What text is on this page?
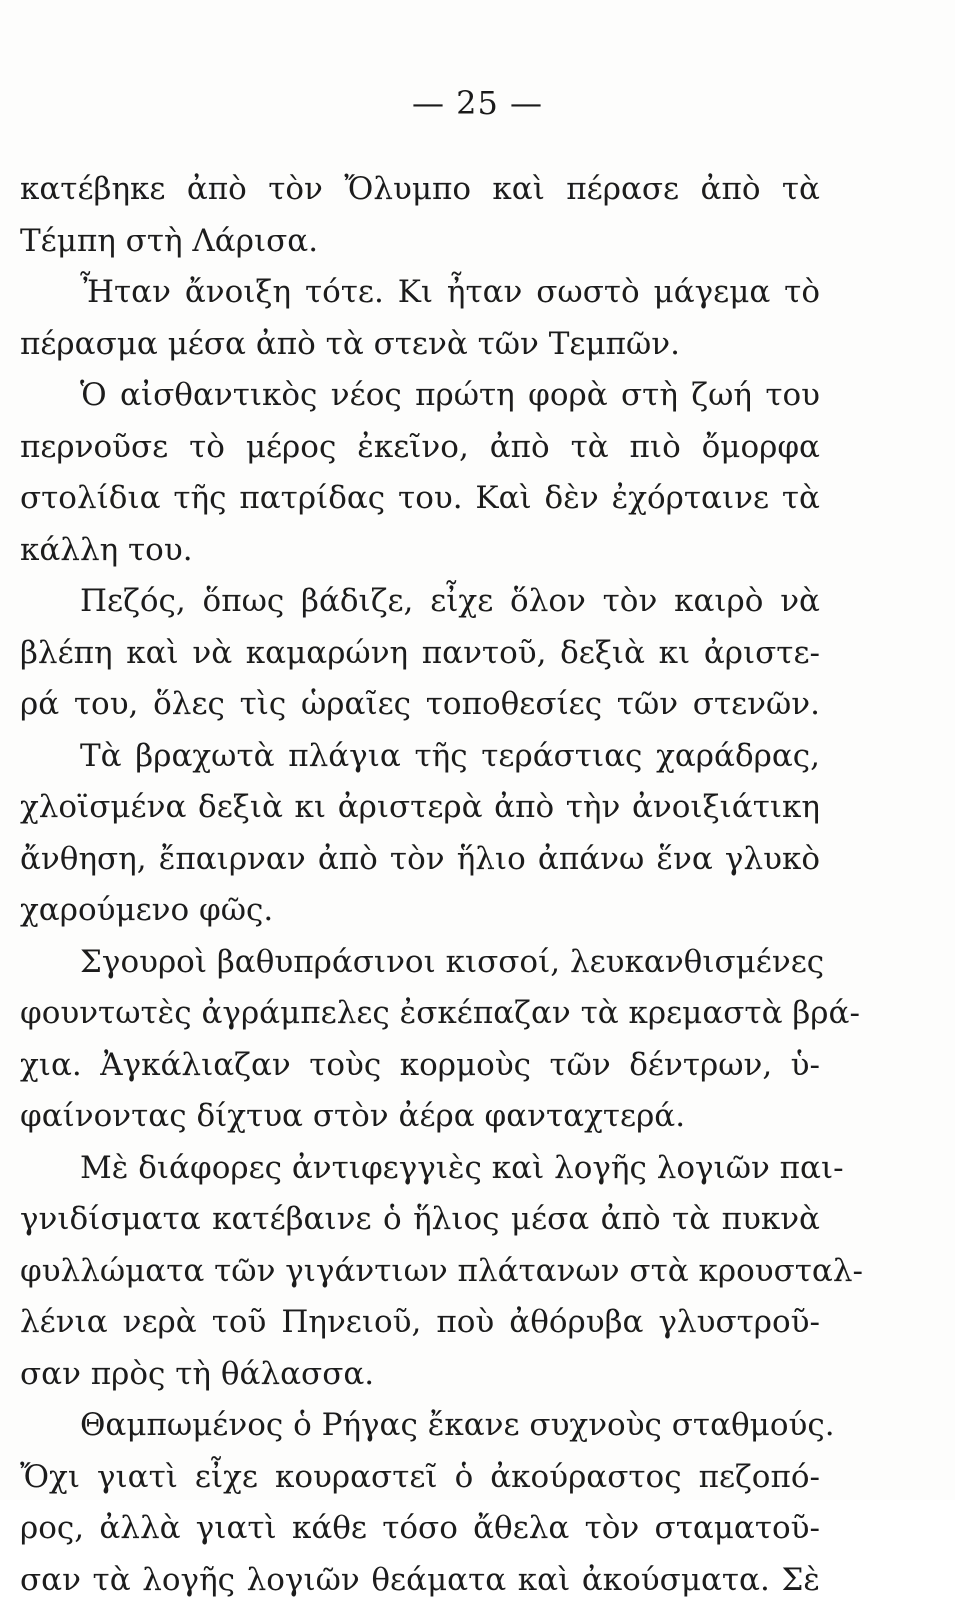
— 25 —
κατέβηκε ἀπὸ τὸν Ὄλυμπο καὶ πέρασε ἀπὸ τὰ
Τέμπη στὴ Λάρισα.
Ἦταν ἄνοιξη τότε. Κι ἦταν σωστὸ μάγεμα τὸ
πέρασμα μέσα ἀπὸ τὰ στενὰ τῶν Τεμπῶν.
Ὁ αἰσθαντικὸς νέος πρώτη φορὰ στὴ ζωή του
περνοῦσε τὸ μέρος ἐκεῖνο, ἀπὸ τὰ πιὸ ὄμορφα
στολίδια τῆς πατρίδας του. Καὶ δὲν ἐχόρταινε τὰ
κάλλη του.
Πεζός, ὅπως βάδιζε, εἶχε ὅλον τὸν καιρὸ νὰ
βλέπη καὶ νὰ καμαρώνη παντοῦ, δεξιὰ κι ἀριστε-
ρά του, ὅλες τὶς ὡραῖες τοποθεσίες τῶν στενῶν.
Τὰ βραχωτὰ πλάγια τῆς τεράστιας χαράδρας,
χλοϊσμένα δεξιὰ κι ἀριστερὰ ἀπὸ τὴν ἀνοιξιάτικη
ἄνθηση, ἔπαιρναν ἀπὸ τὸν ἥλιο ἀπάνω ἕνα γλυκὸ
χαρούμενο φῶς.
Σγουροὶ βαθυπράσινοι κισσοί, λευκανθισμένες
φουντωτὲς ἀγράμπελες ἐσκέπαζαν τὰ κρεμαστὰ βρά-
χια. Ἀγκάλιαζαν τοὺς κορμοὺς τῶν δέντρων, ὑ-
φαίνοντας δίχτυα στὸν ἀέρα φανταχτερά.
Μὲ διάφορες ἀντιφεγγιὲς καὶ λογῆς λογιῶν παι-
γνιδίσματα κατέβαινε ὁ ἥλιος μέσα ἀπὸ τὰ πυκνὰ
φυλλώματα τῶν γιγάντιων πλάτανων στὰ κρουσταλ-
λένια νερὰ τοῦ Πηνειοῦ, ποὺ ἀθόρυβα γλυστροῦ-
σαν πρὸς τὴ θάλασσα.
Θαμπωμένος ὁ Ρήγας ἔκανε συχνοὺς σταθμούς.
Ὄχι γιατὶ εἶχε κουραστεῖ ὁ ἀκούραστος πεζοπό-
ρος, ἀλλὰ γιατὶ κάθε τόσο ἄθελα τὸν σταματοῦ-
σαν τὰ λογῆς λογιῶν θεάματα καὶ ἀκούσματα. Σὲ
